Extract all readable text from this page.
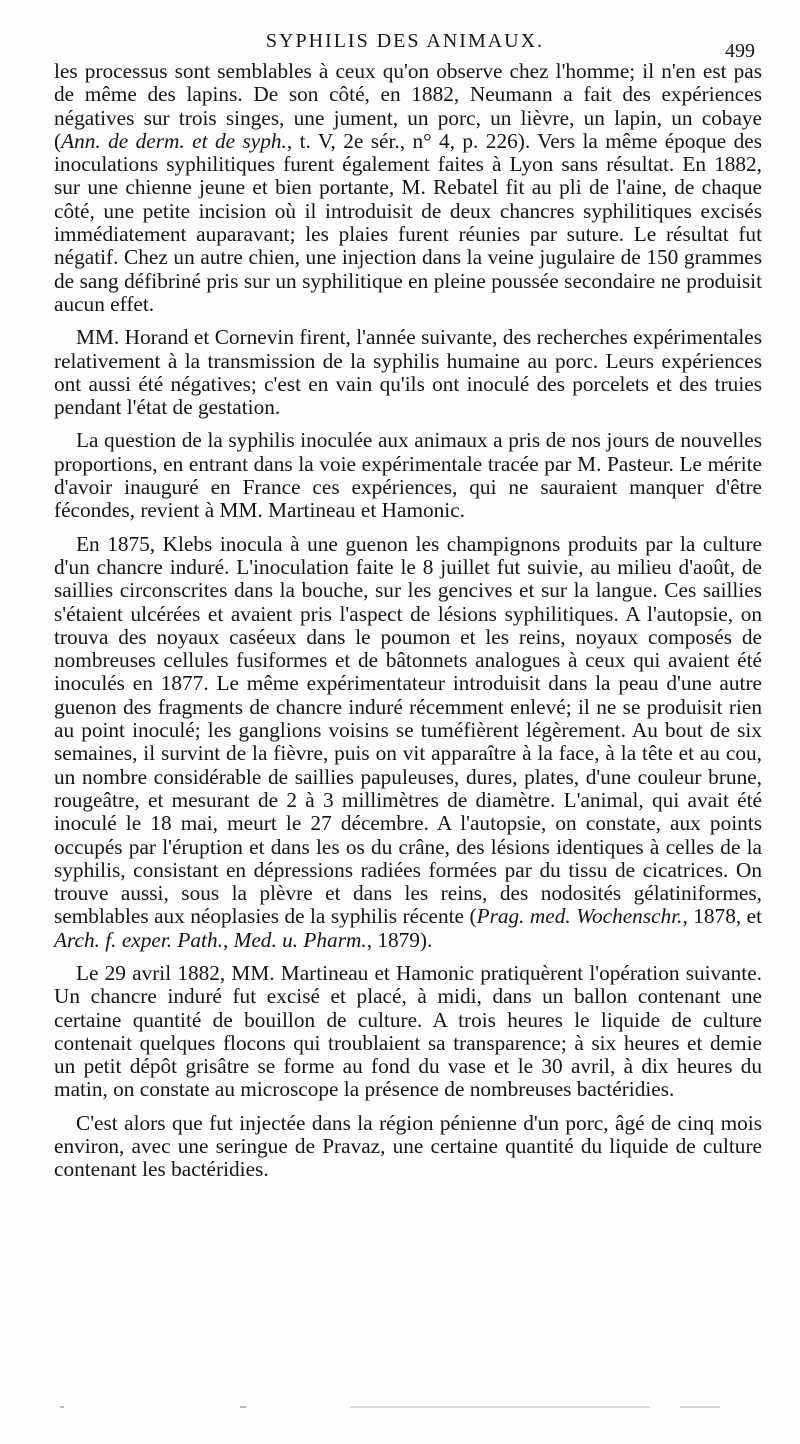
SYPHILIS DES ANIMAUX.	499

les processus sont semblables à ceux qu'on observe chez l'homme; il n'en est pas de même des lapins. De son côté, en 1882, Neumann a fait des expériences négatives sur trois singes, une jument, un porc, un lièvre, un lapin, un cobaye (Ann. de derm. et de syph., t. V, 2e sér., n° 4, p. 226). Vers la même époque des inoculations syphilitiques furent également faites à Lyon sans résultat. En 1882, sur une chienne jeune et bien portante, M. Rebatel fit au pli de l'aine, de chaque côté, une petite incision où il introduisit de deux chancres syphilitiques excisés immédiatement auparavant; les plaies furent réunies par suture. Le résultat fut négatif. Chez un autre chien, une injection dans la veine jugulaire de 150 grammes de sang défibriné pris sur un syphilitique en pleine poussée secondaire ne produisit aucun effet.

MM. Horand et Cornevin firent, l'année suivante, des recherches expérimentales relativement à la transmission de la syphilis humaine au porc. Leurs expériences ont aussi été négatives; c'est en vain qu'ils ont inoculé des porcelets et des truies pendant l'état de gestation.

La question de la syphilis inoculée aux animaux a pris de nos jours de nouvelles proportions, en entrant dans la voie expérimentale tracée par M. Pasteur. Le mérite d'avoir inauguré en France ces expériences, qui ne sauraient manquer d'être fécondes, revient à MM. Martineau et Hamonic.

En 1875, Klebs inocula à une guenon les champignons produits par la culture d'un chancre induré. L'inoculation faite le 8 juillet fut suivie, au milieu d'août, de saillies circonscrites dans la bouche, sur les gencives et sur la langue. Ces saillies s'étaient ulcérées et avaient pris l'aspect de lésions syphilitiques. A l'autopsie, on trouva des noyaux caséeux dans le poumon et les reins, noyaux composés de nombreuses cellules fusiformes et de bâtonnets analogues à ceux qui avaient été inoculés en 1877. Le même expérimentateur introduisit dans la peau d'une autre guenon des fragments de chancre induré récemment enlevé; il ne se produisit rien au point inoculé; les ganglions voisins se tuméfièrent légèrement. Au bout de six semaines, il survint de la fièvre, puis on vit apparaître à la face, à la tête et au cou, un nombre considérable de saillies papuleuses, dures, plates, d'une couleur brune, rougeâtre, et mesurant de 2 à 3 millimètres de diamètre. L'animal, qui avait été inoculé le 18 mai, meurt le 27 décembre. A l'autopsie, on constate, aux points occupés par l'éruption et dans les os du crâne, des lésions identiques à celles de la syphilis, consistant en dépressions radiées formées par du tissu de cicatrices. On trouve aussi, sous la plèvre et dans les reins, des nodosités gélatiniformes, semblables aux néoplasies de la syphilis récente (Prag. med. Wochenschr., 1878, et Arch. f. exper. Path., Med. u. Pharm., 1879).

Le 29 avril 1882, MM. Martineau et Hamonic pratiquèrent l'opération suivante. Un chancre induré fut excisé et placé, à midi, dans un ballon contenant une certaine quantité de bouillon de culture. A trois heures le liquide de culture contenait quelques flocons qui troublaient sa transparence; à six heures et demie un petit dépôt grisâtre se forme au fond du vase et le 30 avril, à dix heures du matin, on constate au microscope la présence de nombreuses bactéridies.

C'est alors que fut injectée dans la région pénienne d'un porc, âgé de cinq mois environ, avec une seringue de Pravaz, une certaine quantité du liquide de culture contenant les bactéridies.
